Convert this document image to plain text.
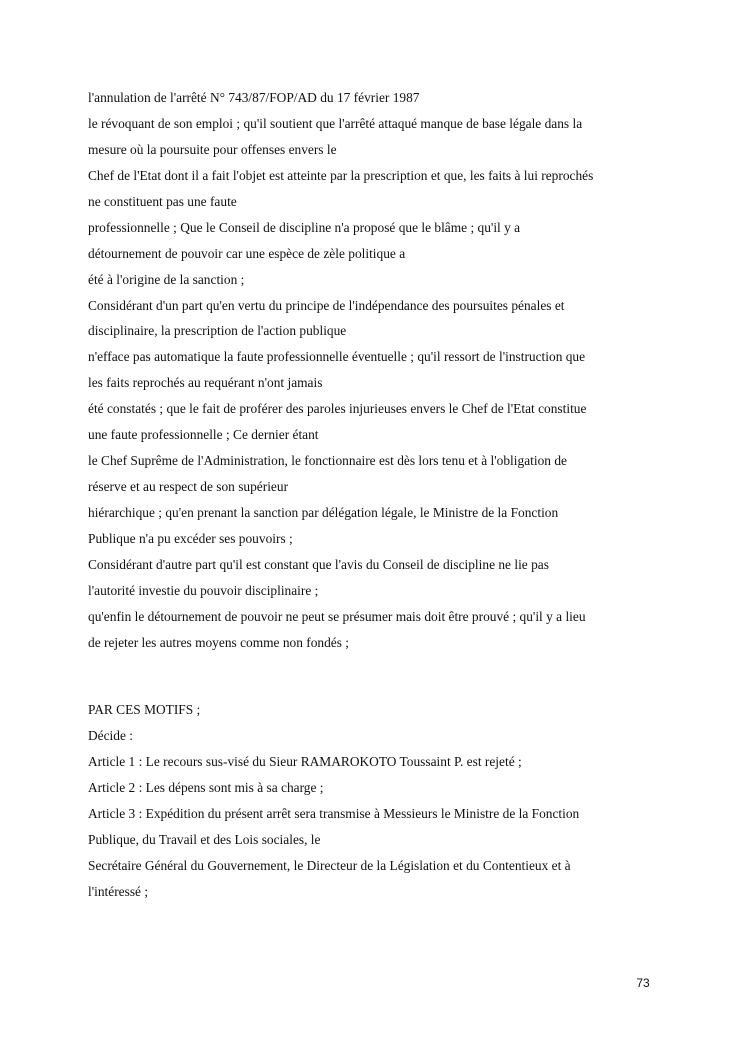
l'annulation de l'arrêté N° 743/87/FOP/AD du 17 février 1987
le révoquant de son emploi ; qu'il soutient que l'arrêté attaqué manque de base légale dans la
mesure où la poursuite pour offenses envers le
Chef de l'Etat dont il a fait l'objet est atteinte par la prescription et que, les faits à lui reprochés
ne constituent pas une faute
professionnelle ; Que le Conseil de discipline n'a proposé que le blâme ; qu'il y a
détournement de pouvoir car une espèce de zèle politique a
été à l'origine de la sanction ;
Considérant d'un part qu'en vertu du principe de l'indépendance des poursuites pénales et
disciplinaire, la prescription de l'action publique
n'efface pas automatique la faute professionnelle éventuelle ; qu'il ressort de l'instruction que
les faits reprochés au requérant n'ont jamais
été constatés ; que le fait de proférer des paroles injurieuses envers le Chef de l'Etat constitue
une faute professionnelle ; Ce dernier étant
le Chef Suprême de l'Administration, le fonctionnaire est dès lors tenu et à l'obligation de
réserve et au respect de son supérieur
hiérarchique ; qu'en prenant la sanction par délégation légale, le Ministre de la Fonction
Publique n'a pu excéder ses pouvoirs ;
Considérant d'autre part qu'il est constant que l'avis du Conseil de discipline ne lie pas
l'autorité investie du pouvoir disciplinaire ;
qu'enfin le détournement de pouvoir ne peut se présumer mais doit être prouvé ; qu'il y a lieu
de rejeter les autres moyens comme non fondés ;
PAR CES MOTIFS ;
Décide :
Article 1 : Le recours sus-visé du Sieur RAMAROKOTO Toussaint P. est rejeté ;
Article 2 : Les dépens sont mis à sa charge ;
Article 3 : Expédition du présent arrêt sera transmise à Messieurs le Ministre de la Fonction
Publique, du Travail et des Lois sociales, le
Secrétaire Général du Gouvernement, le Directeur de la Législation et du Contentieux et à
l'intéressé ;
73
